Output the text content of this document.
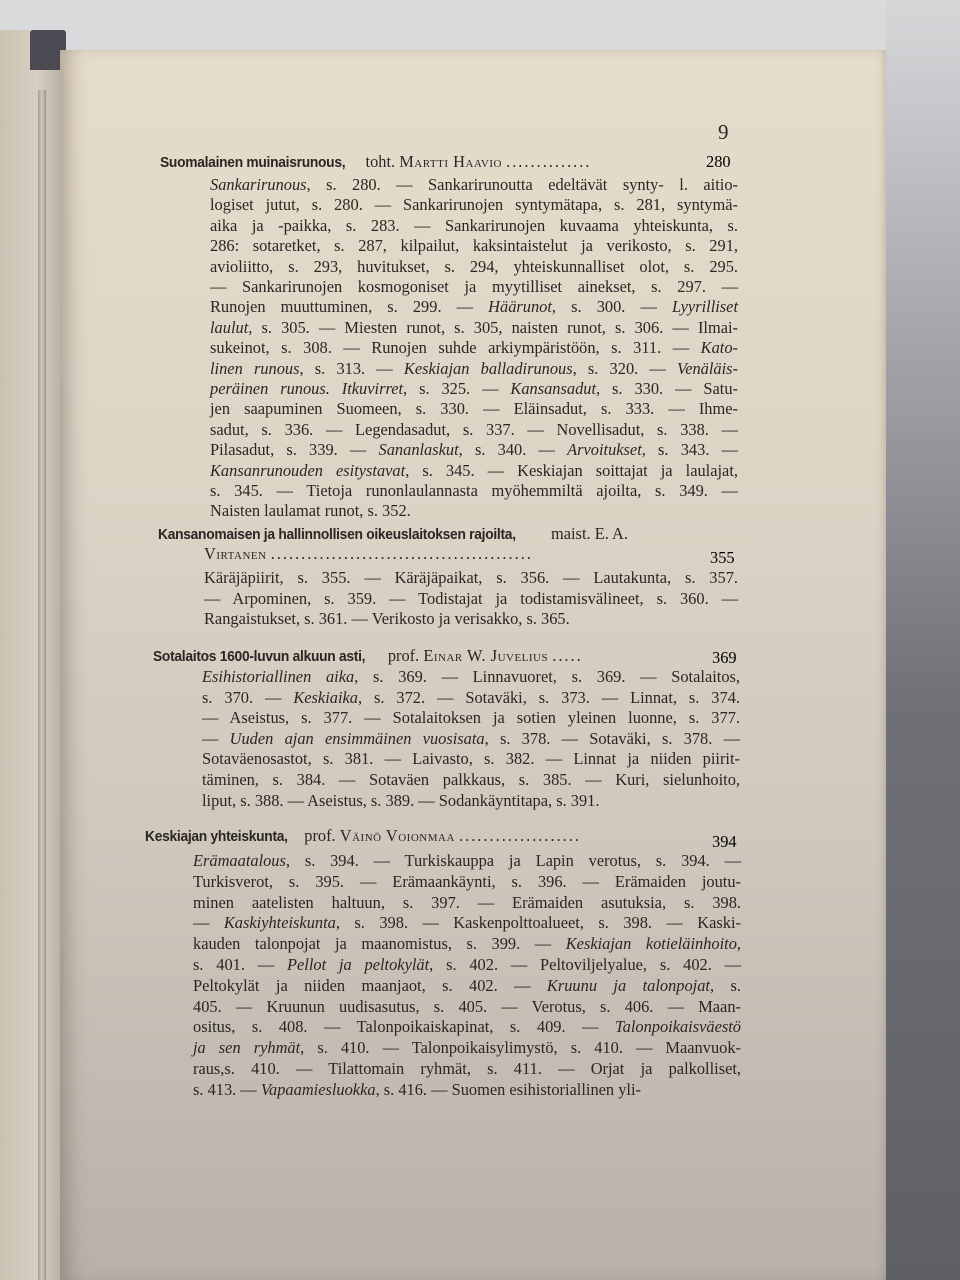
9
Suomalainen muinaisrunous, toht. Martti Haavio ..............	280
Sankarirunous, s. 280. — Sankarirunoutta edeltävät synty- l. aitio-
logiset jutut, s. 280. — Sankarirunojen syntymätapa, s. 281, syntymä-
aika ja -paikka, s. 283. — Sankarirunojen kuvaama yhteiskunta, s.
286: sotaretket, s. 287, kilpailut, kaksintaistelut ja verikosto, s. 291,
avioliitto, s. 293, huvitukset, s. 294, yhteiskunnalliset olot, s. 295.
— Sankarirunojen kosmogoniset ja myytilliset ainekset, s. 297. —
Runojen muuttuminen, s. 299. — Häärunot, s. 300. — Lyyrilliset
laulut, s. 305. — Miesten runot, s. 305, naisten runot, s. 306. — Ilmai-
sukeinot, s. 308. — Runojen suhde arkiympäristöön, s. 311. — Kato-
linen runous, s. 313. — Keskiajan balladirunous, s. 320. — Venäläis-
peräinen runous. Itkuvirret, s. 325. — Kansansadut, s. 330. — Satu-
jen saapuminen Suomeen, s. 330. — Eläinsadut, s. 333. — Ihme-
sadut, s. 336. — Legendasadut, s. 337. — Novellisadut, s. 338. —
Pilasadut, s. 339. — Sananlaskut, s. 340. — Arvoitukset, s. 343. —
Kansanrunouden esitystavat, s. 345. — Keskiajan soittajat ja laulajat,
s. 345. — Tietoja runonlaulannasta myöhemmiltä ajoilta, s. 349. —
Naisten laulamat runot, s. 352.
Kansanomaisen ja hallinnollisen oikeuslaitoksen rajoilta, maist. E. A.
Virtanen ...........................................	355
Käräjäpiirit, s. 355. — Käräjäpaikat, s. 356. — Lautakunta, s. 357.
— Arpominen, s. 359. — Todistajat ja todistamisvälineet, s. 360. —
Rangaistukset, s. 361. — Verikosto ja verisakko, s. 365.
Sotalaitos 1600-luvun alkuun asti, prof. Einar W. Juvelius .....	369
Esihistoriallinen aika, s. 369. — Linnavuoret, s. 369. — Sotalaitos,
s. 370. — Keskiaika, s. 372. — Sotaväki, s. 373. — Linnat, s. 374.
— Aseistus, s. 377. — Sotalaitoksen ja sotien yleinen luonne, s. 377.
— Uuden ajan ensimmäinen vuosisata, s. 378. — Sotaväki, s. 378. —
Sotaväenosastot, s. 381. — Laivasto, s. 382. — Linnat ja niiden piirit-
täminen, s. 384. — Sotaväen palkkaus, s. 385. — Kuri, sielunhoito,
liput, s. 388. — Aseistus, s. 389. — Sodankäyntitapa, s. 391.
Keskiajan yhteiskunta, prof. Väinö Voionmaa ....................	394
Erämaatalous, s. 394. — Turkiskauppa ja Lapin verotus, s. 394. —
Turkisverot, s. 395. — Erämaankäynti, s. 396. — Erämaiden joutu-
minen aatelisten haltuun, s. 397. — Erämaiden asutuksia, s. 398.
— Kaskiyhteiskunta, s. 398. — Kaskenpolttoalueet, s. 398. — Kaski-
kauden talonpojat ja maanomistus, s. 399. — Keskiajan kotieläinhoito,
s. 401. — Pellot ja peltokylät, s. 402. — Peltoviljelyalue, s. 402. —
Peltokylät ja niiden maanjaot, s. 402. — Kruunu ja talonpojat, s.
405. — Kruunun uudisasutus, s. 405. — Verotus, s. 406. — Maan-
ositus, s. 408. — Talonpoikaiskapinat, s. 409. — Talonpoikaisväestö
ja sen ryhmät, s. 410. — Talonpoikaisylimystö, s. 410. — Maanvuok-
raus,s. 410. — Tilattomain ryhmät, s. 411. — Orjat ja palkolliset,
s. 413. — Vapaamiesluokka, s. 416. — Suomen esihistoriallinen yli-
